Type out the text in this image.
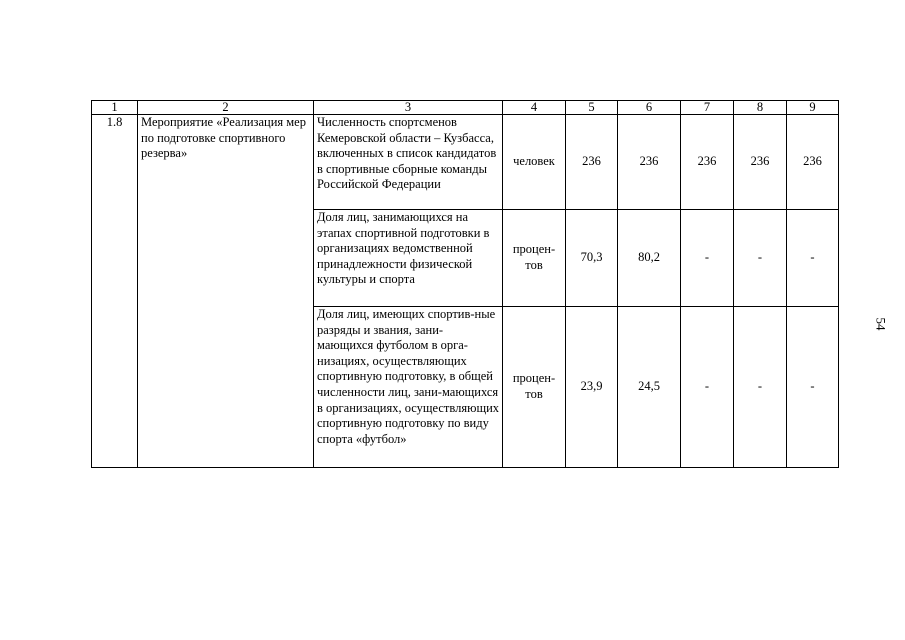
1	2	3	4	5	6	7	8	9
1.8	Мероприятие «Реализация мер по подготовке спортивного резерва»	Численность спортсменов Кемеровской области – Кузбасса, включенных в список кандидатов в спортивные сборные команды Российской Федерации	человек	236	236	236	236	236
		Доля лиц, занимающихся на этапах спортивной подготовки в организациях ведомственной принадлежности физической культуры и спорта	процен-тов	70,3	80,2	-	-	-
		Доля лиц, имеющих спортив-ные разряды и звания, зани-мающихся футболом в орга-низациях, осуществляющих спортивную подготовку, в общей численности лиц, зани-мающихся в организациях, осуществляющих спортивную подготовку по виду спорта «футбол»	процен-тов	23,9	24,5	-	-	-
54
